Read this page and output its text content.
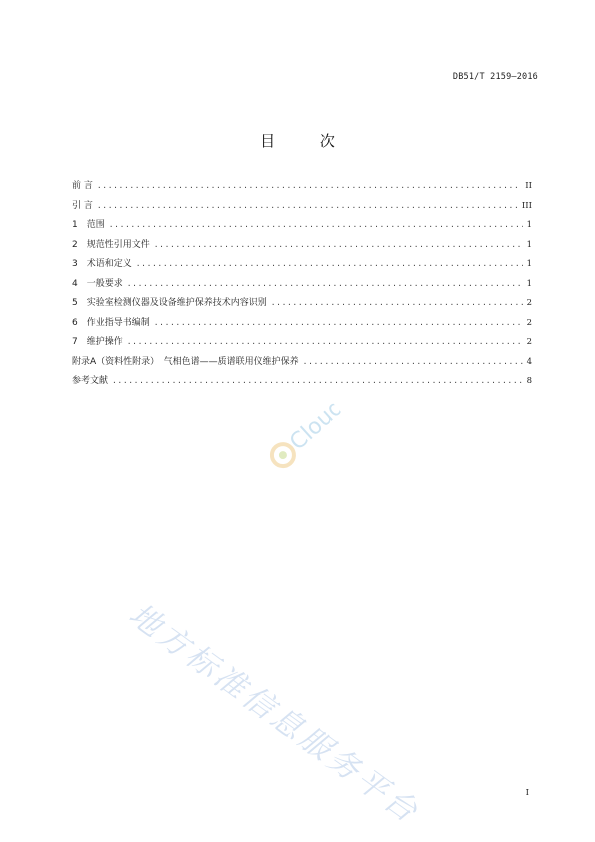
DB51/T 2159—2016
目 次
前 言 .....	II
引 言 .....	III
1　范围 .....	1
2　规范性引用文件 .....	1
3　术语和定义 .....	1
4　一般要求 .....	1
5　实验室检测仪器及设备维护保养技术内容识别 .....	2
6　作业指导书编制 .....	2
7　维护操作 .....	2
附录A（资料性附录）　气相色谱——质谱联用仪维护保养 .....	4
参考文献 .....	8
Cloud
地方标准信息服务平台	I
